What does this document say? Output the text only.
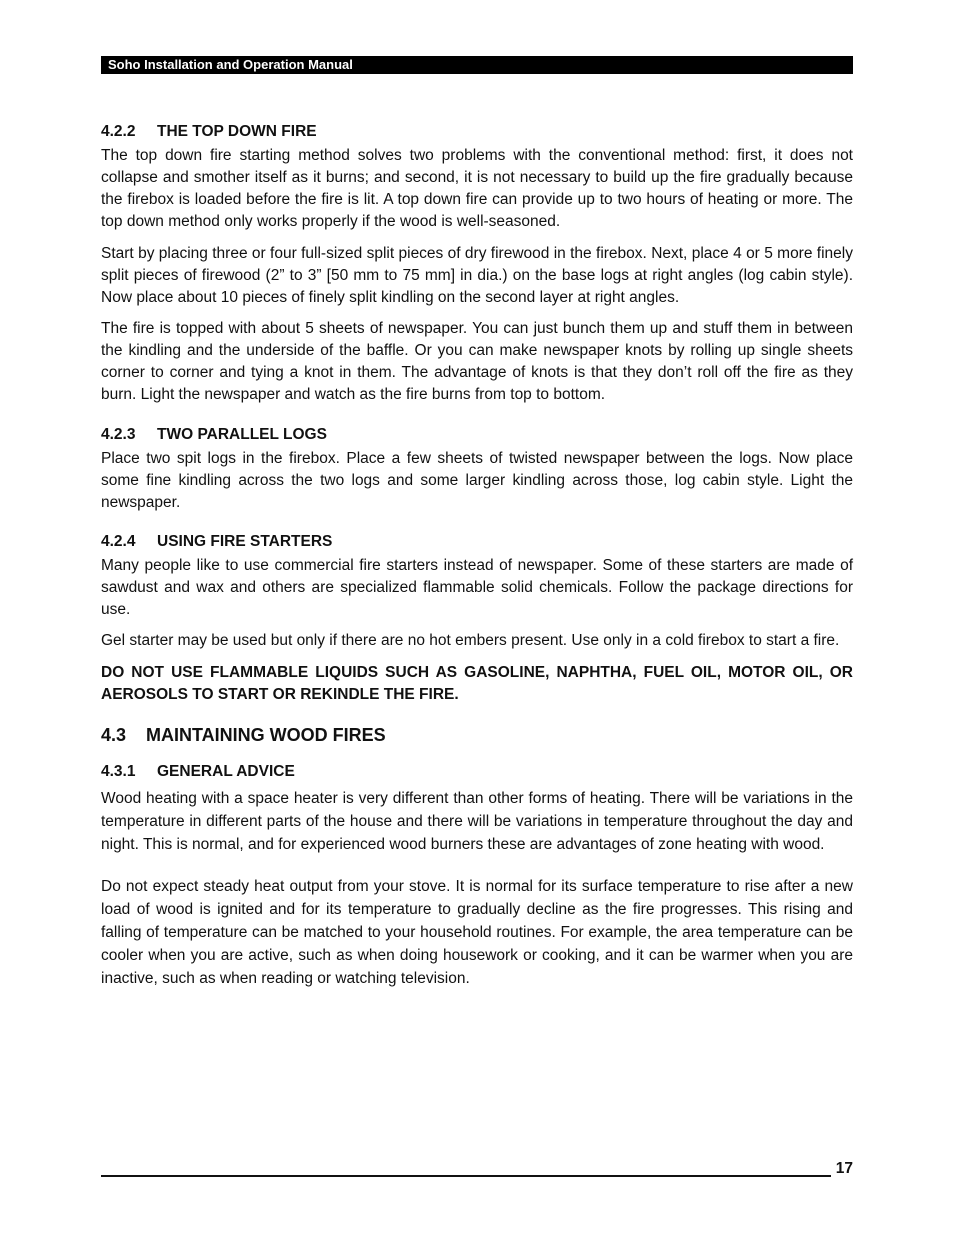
Soho Installation and Operation Manual
4.2.2 THE TOP DOWN FIRE

The top down fire starting method solves two problems with the conventional method: first, it does not collapse and smother itself as it burns; and second, it is not necessary to build up the fire gradually because the firebox is loaded before the fire is lit. A top down fire can provide up to two hours of heating or more. The top down method only works properly if the wood is well-seasoned.

Start by placing three or four full-sized split pieces of dry firewood in the firebox. Next, place 4 or 5 more finely split pieces of firewood (2” to 3” [50 mm to 75 mm] in dia.) on the base logs at right angles (log cabin style). Now place about 10 pieces of finely split kindling on the second layer at right angles.

The fire is topped with about 5 sheets of newspaper. You can just bunch them up and stuff them in between the kindling and the underside of the baffle. Or you can make newspaper knots by rolling up single sheets corner to corner and tying a knot in them. The advantage of knots is that they don’t roll off the fire as they burn. Light the newspaper and watch as the fire burns from top to bottom.

4.2.3 TWO PARALLEL LOGS

Place two spit logs in the firebox. Place a few sheets of twisted newspaper between the logs. Now place some fine kindling across the two logs and some larger kindling across those, log cabin style. Light the newspaper.

4.2.4 USING FIRE STARTERS

Many people like to use commercial fire starters instead of newspaper. Some of these starters are made of sawdust and wax and others are specialized flammable solid chemicals. Follow the package directions for use.

Gel starter may be used but only if there are no hot embers present. Use only in a cold firebox to start a fire.

DO NOT USE FLAMMABLE LIQUIDS SUCH AS GASOLINE, NAPHTHA, FUEL OIL, MOTOR OIL, OR AEROSOLS TO START OR REKINDLE THE FIRE.

4.3 MAINTAINING WOOD FIRES
4.3.1 GENERAL ADVICE

Wood heating with a space heater is very different than other forms of heating. There will be variations in the temperature in different parts of the house and there will be variations in temperature throughout the day and night. This is normal, and for experienced wood burners these are advantages of zone heating with wood.

Do not expect steady heat output from your stove. It is normal for its surface temperature to rise after a new load of wood is ignited and for its temperature to gradually decline as the fire progresses. This rising and falling of temperature can be matched to your household routines. For example, the area temperature can be cooler when you are active, such as when doing housework or cooking, and it can be warmer when you are inactive, such as when reading or watching television.

17
